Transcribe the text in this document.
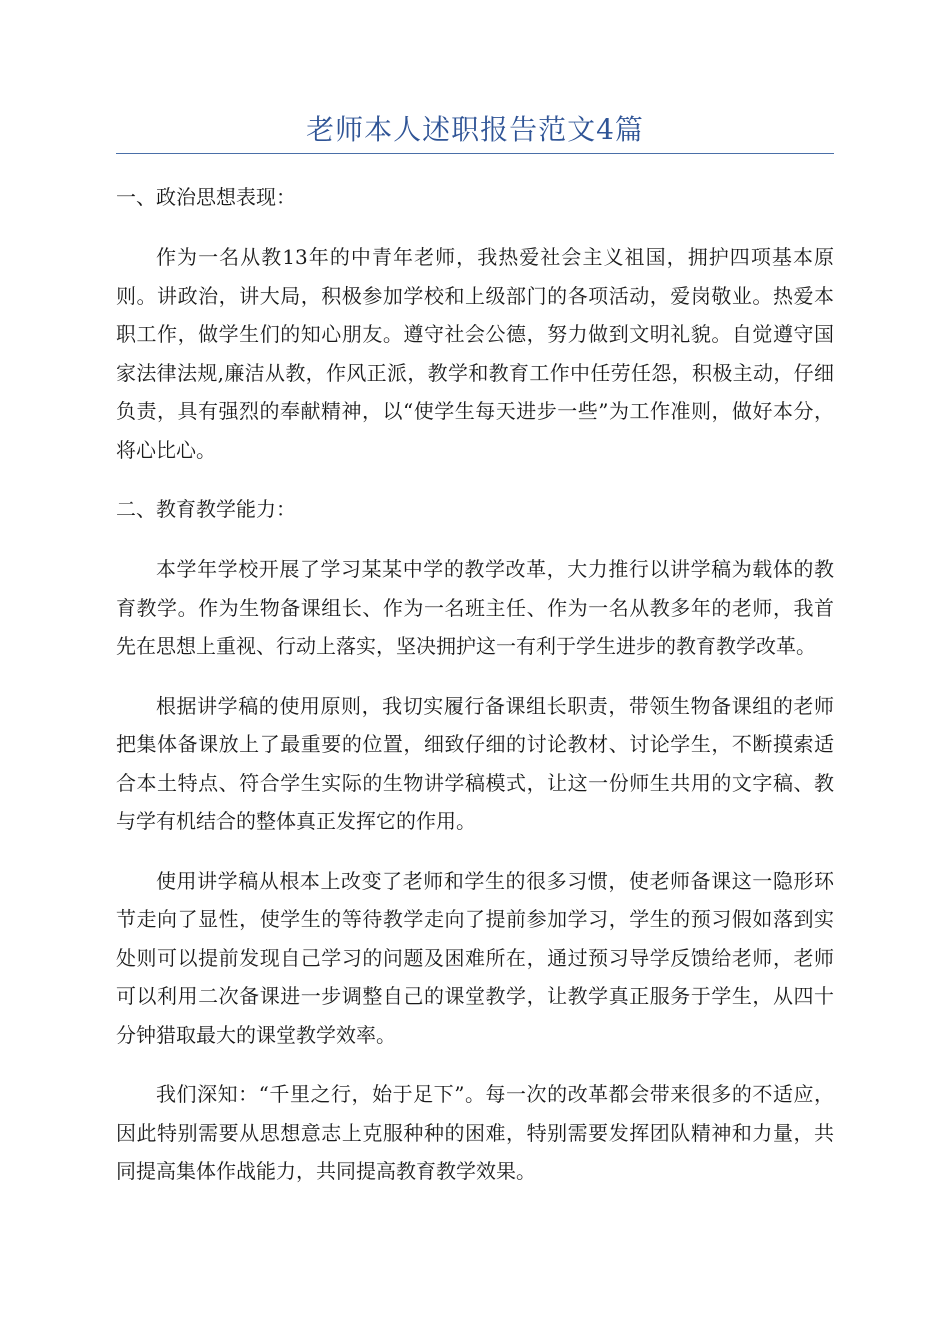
老师本人述职报告范文4篇
一、政治思想表现：

作为一名从教13年的中青年老师，我热爱社会主义祖国，拥护四项基本原则。讲政治，讲大局，积极参加学校和上级部门的各项活动，爱岗敬业。热爱本职工作，做学生们的知心朋友。遵守社会公德，努力做到文明礼貌。自觉遵守国家法律法规,廉洁从教，作风正派，教学和教育工作中任劳任怨，积极主动，仔细负责，具有强烈的奉献精神，以“使学生每天进步一些”为工作准则，做好本分，将心比心。

二、教育教学能力：

本学年学校开展了学习某某中学的教学改革，大力推行以讲学稿为载体的教育教学。作为生物备课组长、作为一名班主任、作为一名从教多年的老师，我首先在思想上重视、行动上落实，坚决拥护这一有利于学生进步的教育教学改革。

根据讲学稿的使用原则，我切实履行备课组长职责，带领生物备课组的老师把集体备课放上了最重要的位置，细致仔细的讨论教材、讨论学生，不断摸索适合本土特点、符合学生实际的生物讲学稿模式，让这一份师生共用的文字稿、教与学有机结合的整体真正发挥它的作用。

使用讲学稿从根本上改变了老师和学生的很多习惯，使老师备课这一隐形环节走向了显性，使学生的等待教学走向了提前参加学习，学生的预习假如落到实处则可以提前发现自己学习的问题及困难所在，通过预习导学反馈给老师，老师可以利用二次备课进一步调整自己的课堂教学，让教学真正服务于学生，从四十分钟猎取最大的课堂教学效率。

我们深知：“千里之行，始于足下”。每一次的改革都会带来很多的不适应，因此特别需要从思想意志上克服种种的困难，特别需要发挥团队精神和力量，共同提高集体作战能力，共同提高教育教学效果。
